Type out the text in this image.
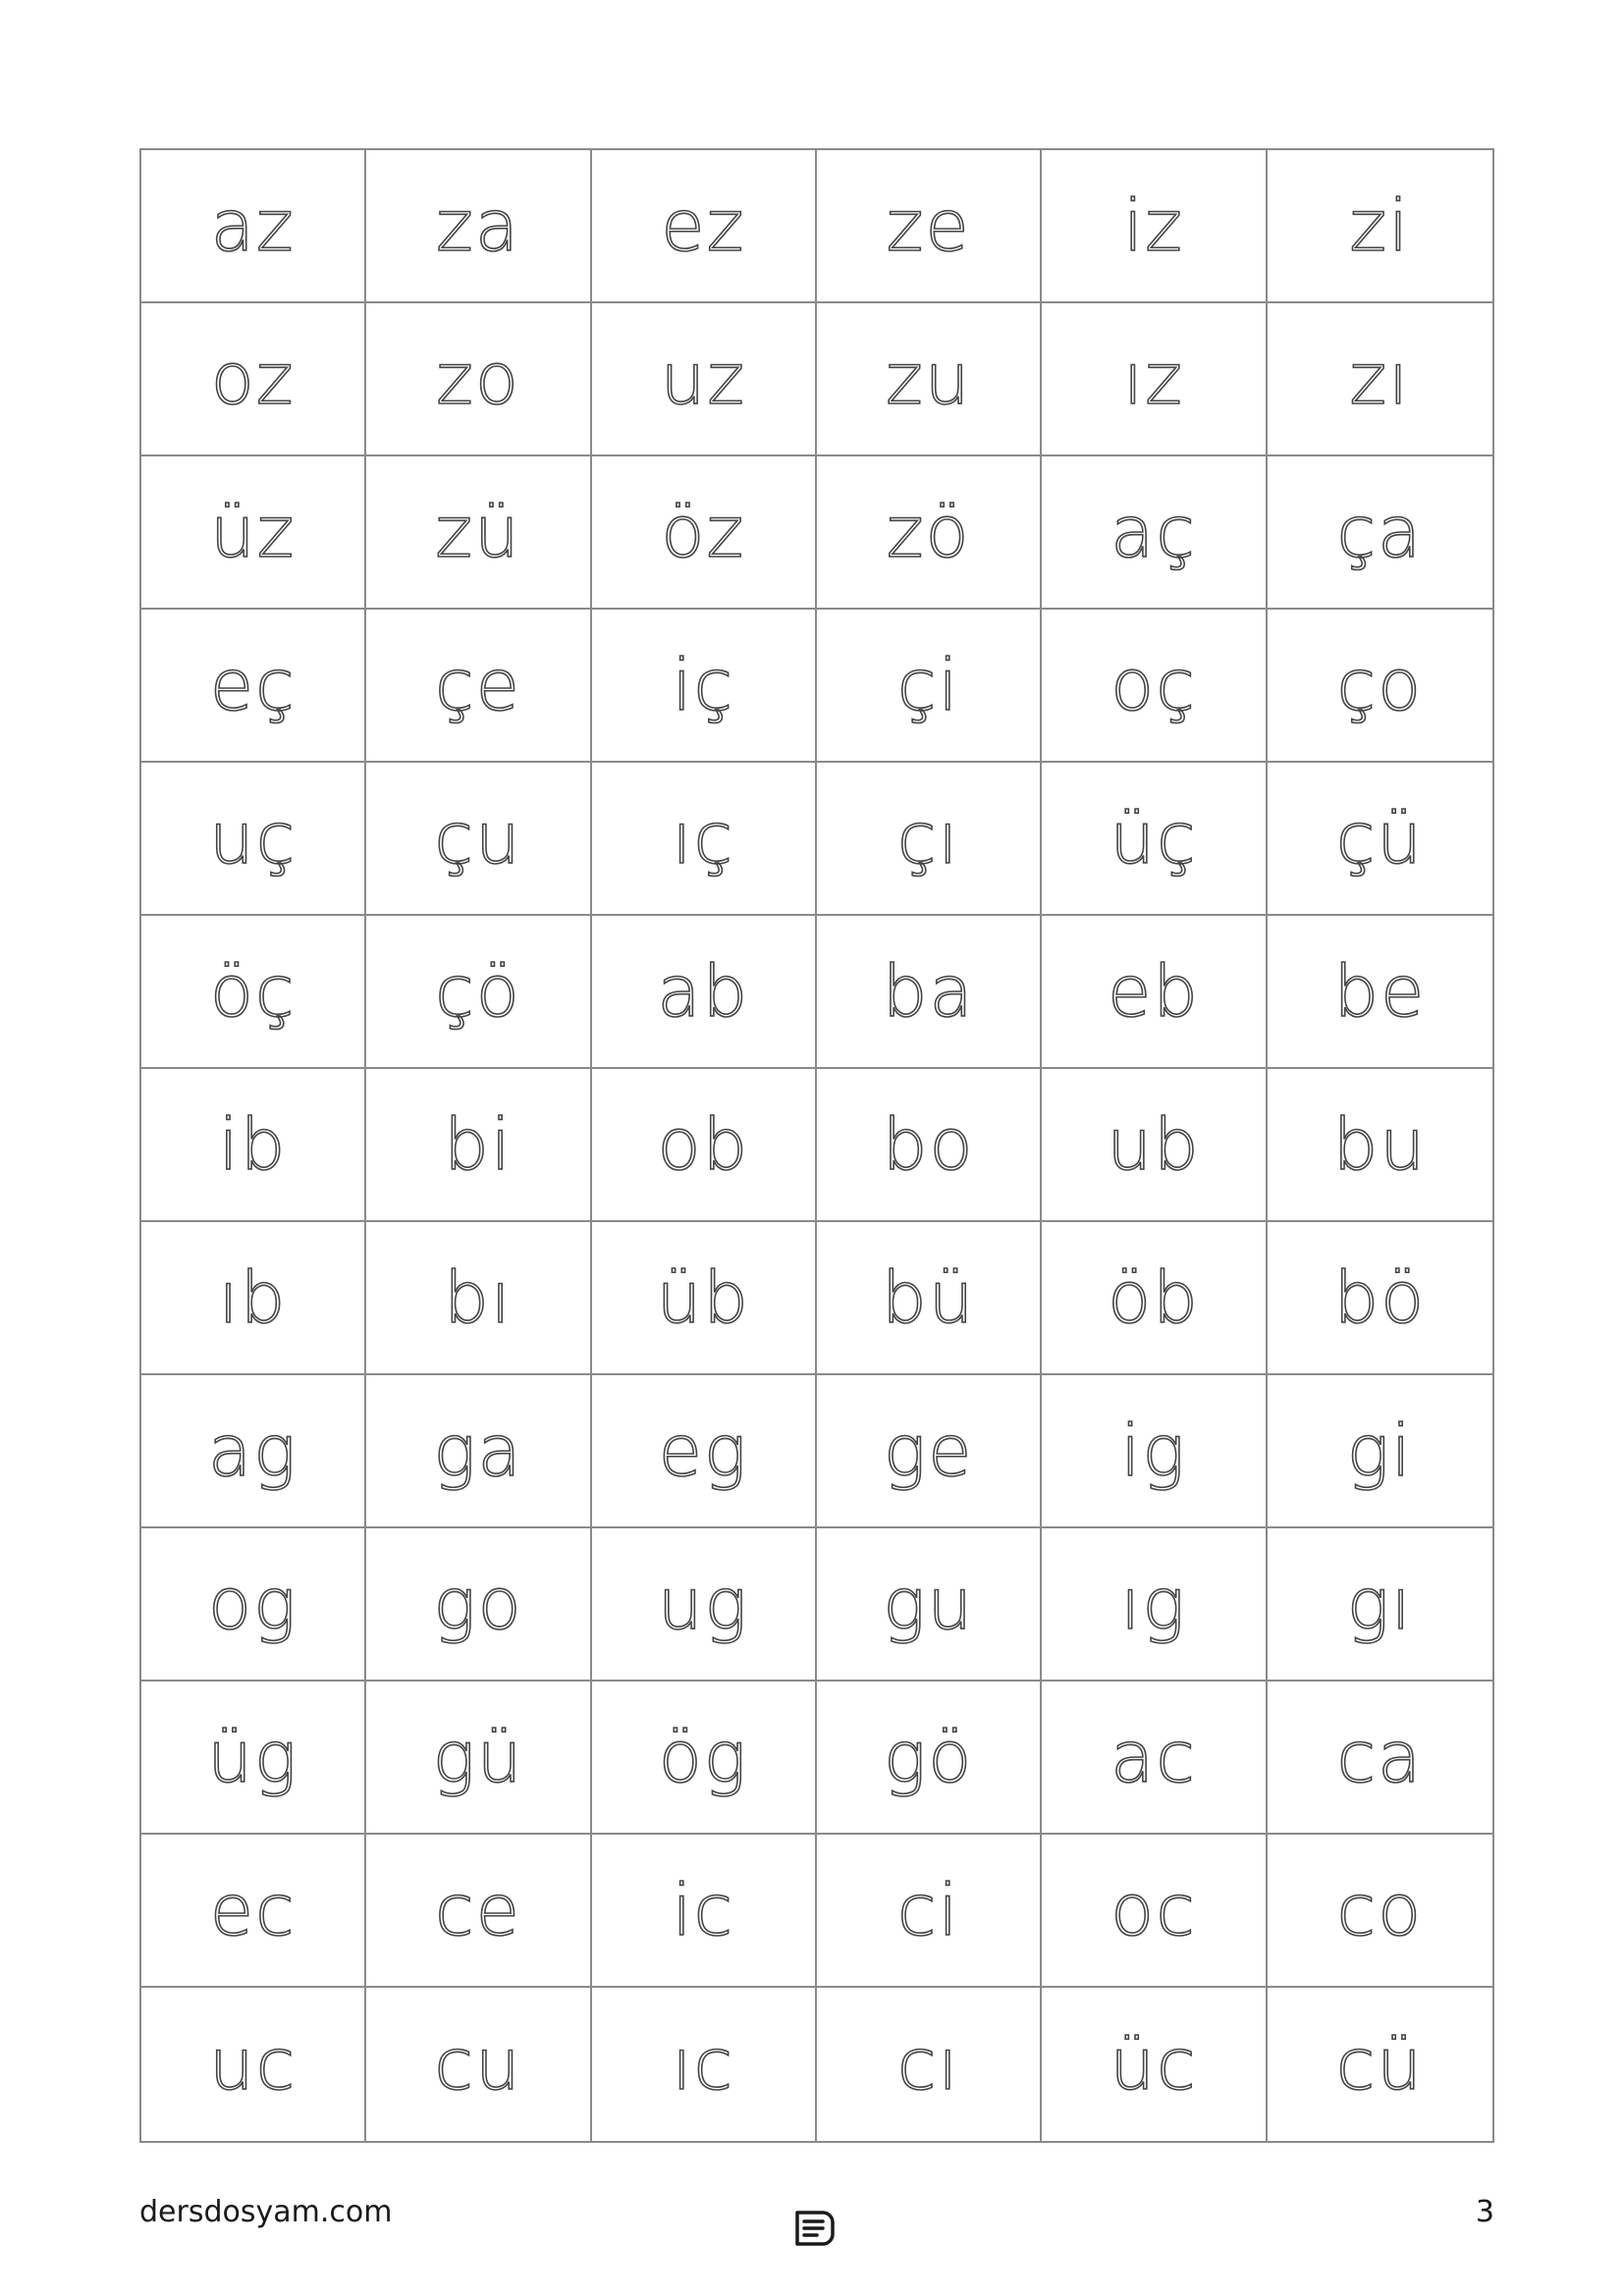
az za ez ze iz zi
oz zo uz zu ız zı
üz zü öz zö aç ça
eç çe iç çi oç ço
uç çu ıç çı üç çü
öç çö ab ba eb be
ib bi ob bo ub bu
ıb bı üb bü öb bö
ag ga eg ge ig gi
og go ug gu ıg gı
üg gü ög gö ac ca
ec ce ic ci oc co
uc cu ıc cı üc cü
dersdosyam.com	3
